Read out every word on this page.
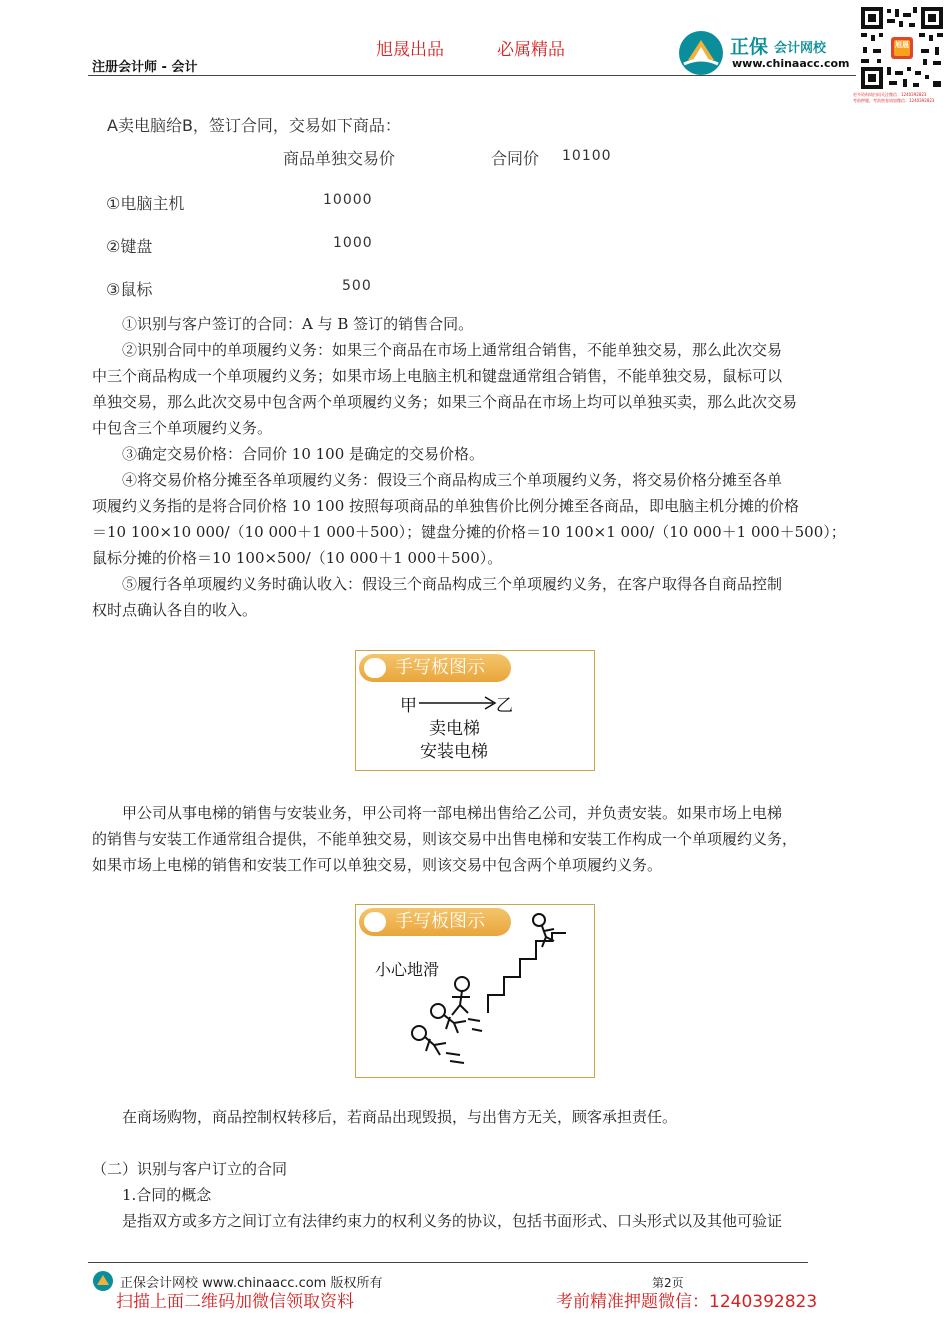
注册会计师 - 会计
旭晟出品	必属精品	正保 会计网校
www.chinaacc.com
旭晟
更多资料请扫码关注微信：1240392823
考前押题，考前密卷请加微信：1240392823
A卖电脑给B，签订合同，交易如下商品：
商品单独交易价	合同价 10100
①电脑主机	10000
②键盘	1000
③鼠标	500
①识别与客户签订的合同：A 与 B 签订的销售合同。
②识别合同中的单项履约义务：如果三个商品在市场上通常组合销售，不能单独交易，那么此次交易
中三个商品构成一个单项履约义务；如果市场上电脑主机和键盘通常组合销售，不能单独交易，鼠标可以
单独交易，那么此次交易中包含两个单项履约义务；如果三个商品在市场上均可以单独买卖，那么此次交易
中包含三个单项履约义务。
③确定交易价格：合同价 10 100 是确定的交易价格。
④将交易价格分摊至各单项履约义务：假设三个商品构成三个单项履约义务，将交易价格分摊至各单
项履约义务指的是将合同价格 10 100 按照每项商品的单独售价比例分摊至各商品，即电脑主机分摊的价格
＝10 100×10 000/（10 000＋1 000＋500）；键盘分摊的价格＝10 100×1 000/（10 000＋1 000＋500）；
鼠标分摊的价格＝10 100×500/（10 000＋1 000＋500）。
⑤履行各单项履约义务时确认收入：假设三个商品构成三个单项履约义务，在客户取得各自商品控制
权时点确认各自的收入。
手写板图示
甲	乙
卖电梯
安装电梯
甲公司从事电梯的销售与安装业务，甲公司将一部电梯出售给乙公司，并负责安装。如果市场上电梯
的销售与安装工作通常组合提供，不能单独交易，则该交易中出售电梯和安装工作构成一个单项履约义务，
如果市场上电梯的销售和安装工作可以单独交易，则该交易中包含两个单项履约义务。
手写板图示
小心地滑
在商场购物，商品控制权转移后，若商品出现毁损，与出售方无关，顾客承担责任。
（二）识别与客户订立的合同
1.合同的概念
是指双方或多方之间订立有法律约束力的权利义务的协议，包括书面形式、口头形式以及其他可验证
正保会计网校 www.chinaacc.com 版权所有	第2页
扫描上面二维码加微信领取资料	考前精准押题微信：1240392823
